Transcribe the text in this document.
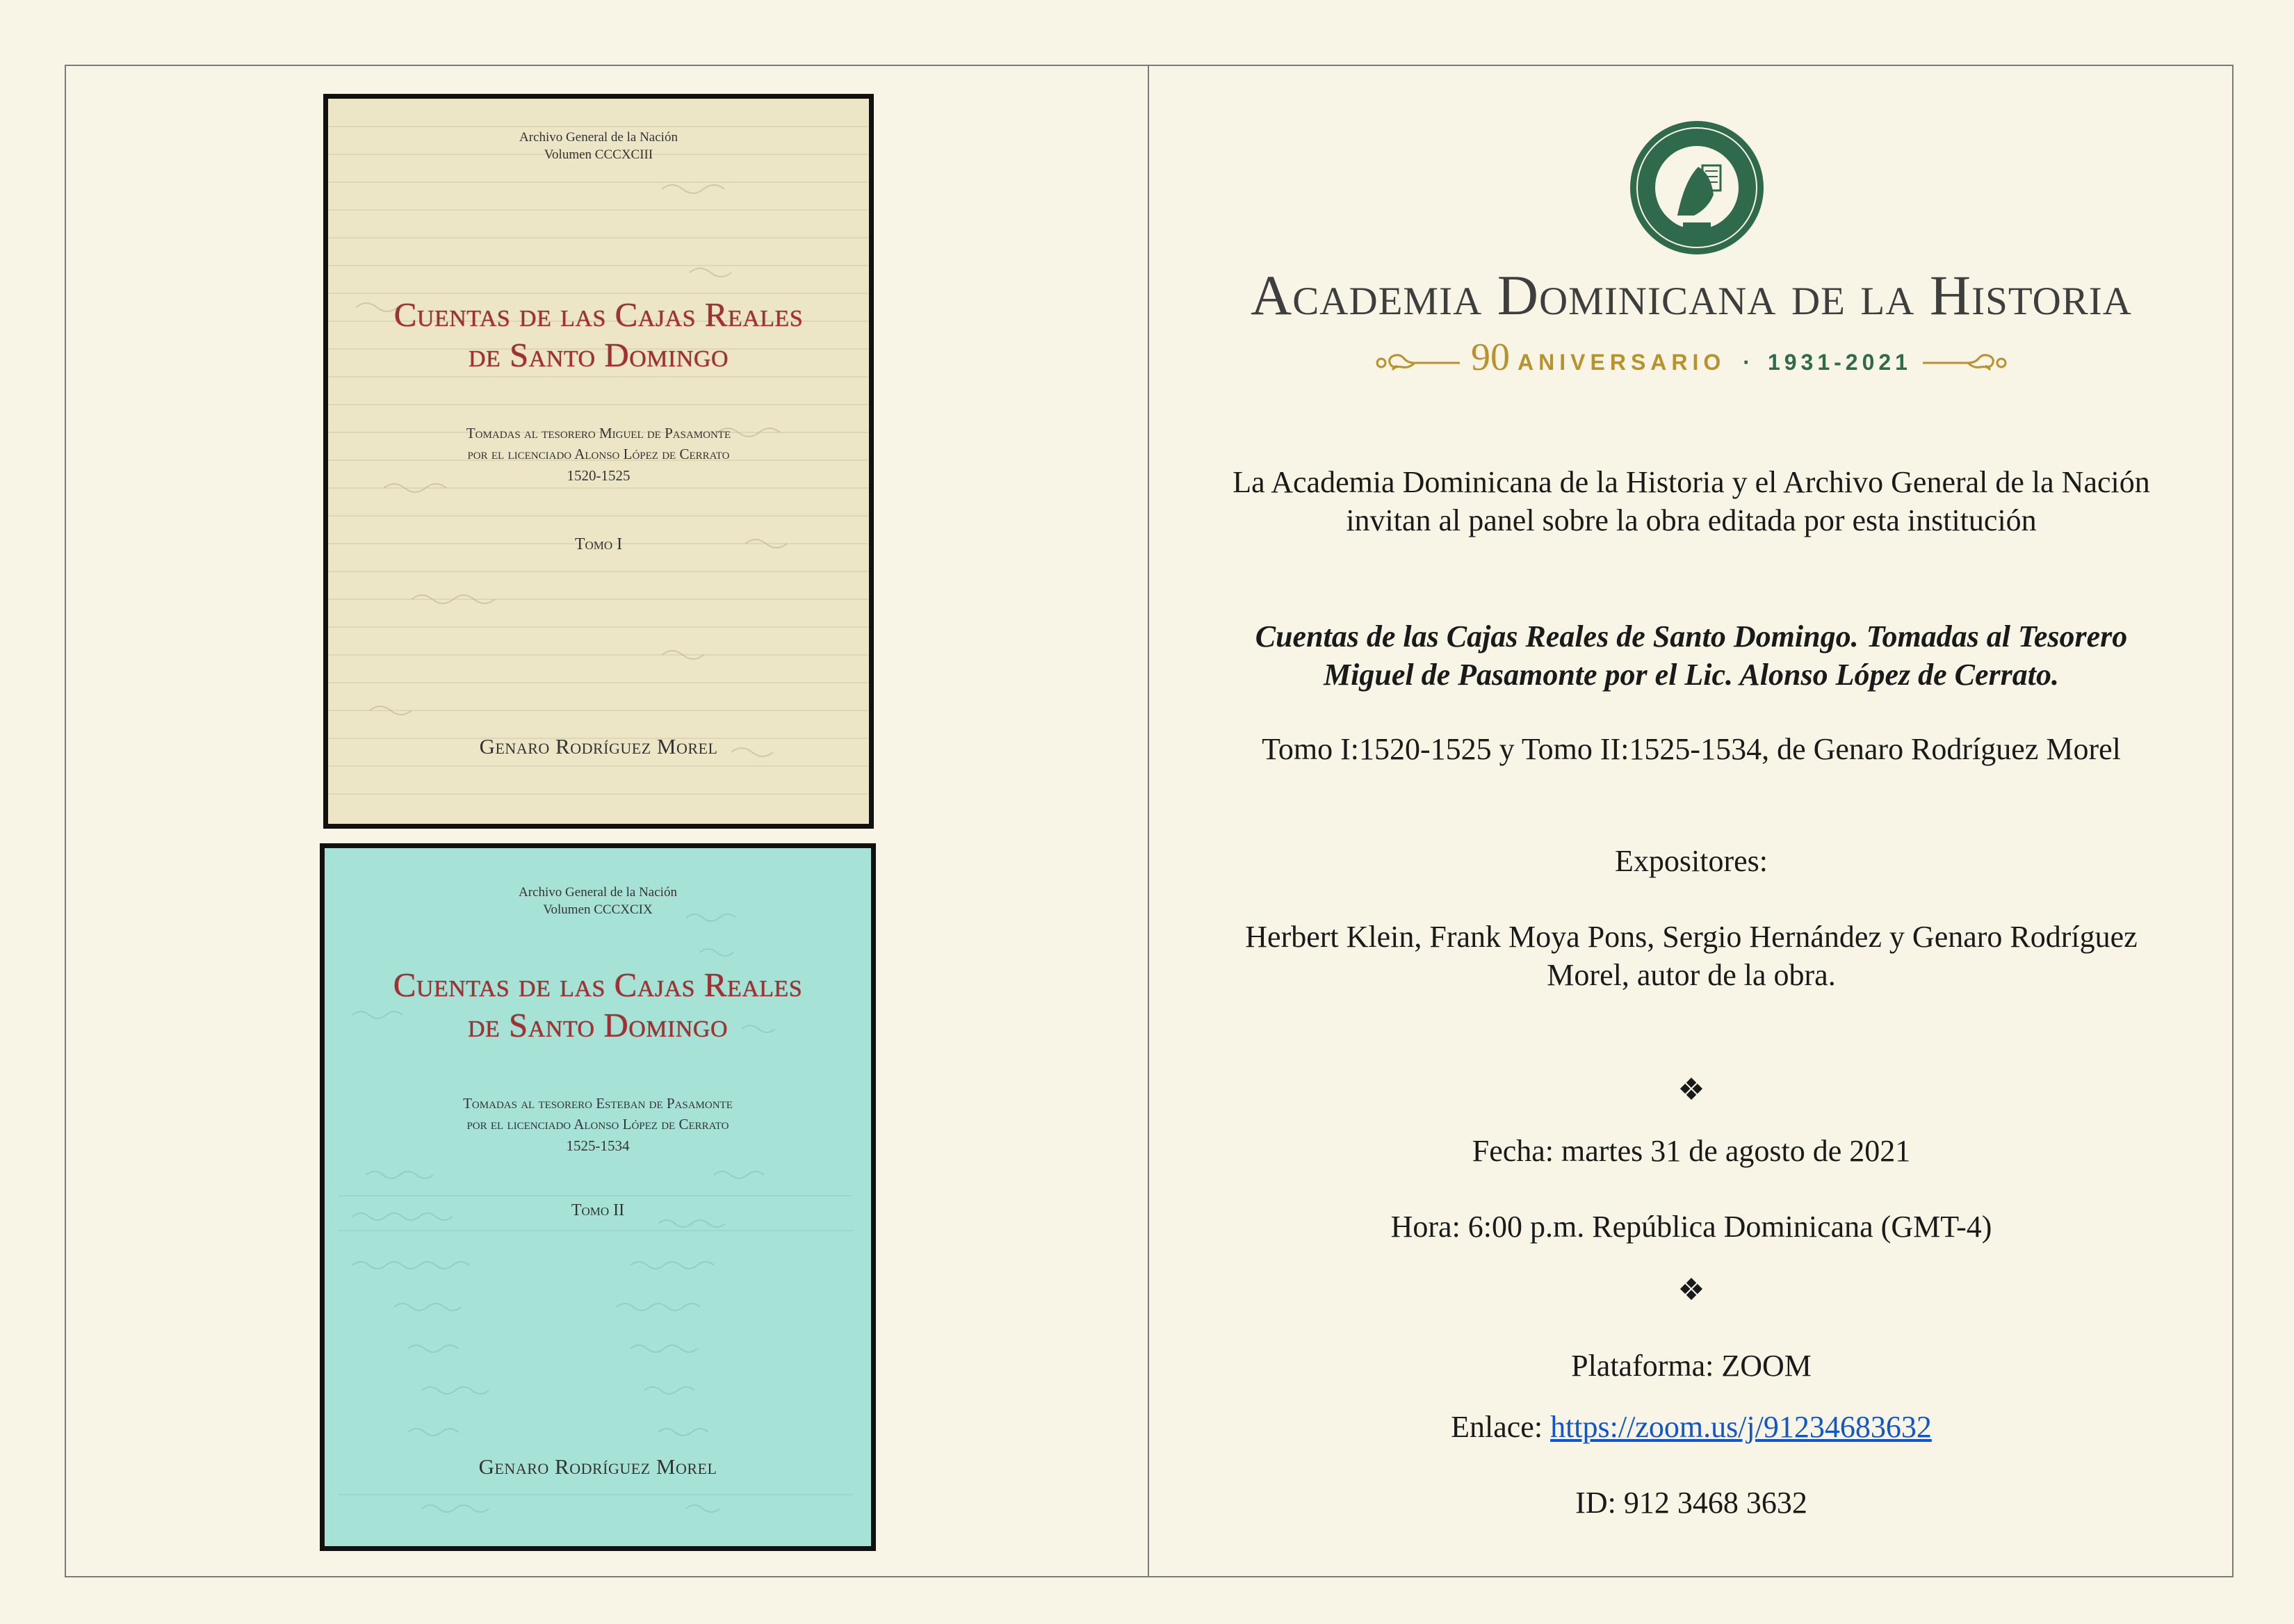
Archivo General de la Nación
Volumen CCCXCIII
Cuentas de las Cajas Reales
de Santo Domingo
Tomadas al tesorero Miguel de Pasamonte
por el licenciado Alonso López de Cerrato
1520-1525
Tomo I
Genaro Rodríguez Morel
Archivo General de la Nación
Volumen CCCXCIX
Cuentas de las Cajas Reales
de Santo Domingo
Tomadas al tesorero Esteban de Pasamonte
por el licenciado Alonso López de Cerrato
1525-1534
Tomo II
Genaro Rodríguez Morel
Academia Dominicana de la Historia
90 ANIVERSARIO · 1931-2021
La Academia Dominicana de la Historia y el Archivo General de la Nación
invitan al panel sobre la obra editada por esta institución
Cuentas de las Cajas Reales de Santo Domingo. Tomadas al Tesorero
Miguel de Pasamonte por el Lic. Alonso López de Cerrato.
Tomo I:1520-1525 y Tomo II:1525-1534, de Genaro Rodríguez Morel
Expositores:
Herbert Klein, Frank Moya Pons, Sergio Hernández y Genaro Rodríguez
Morel, autor de la obra.
❖
Fecha: martes 31 de agosto de 2021
Hora: 6:00 p.m. República Dominicana (GMT-4)
❖
Plataforma: ZOOM
Enlace: https://zoom.us/j/91234683632
ID: 912 3468 3632
